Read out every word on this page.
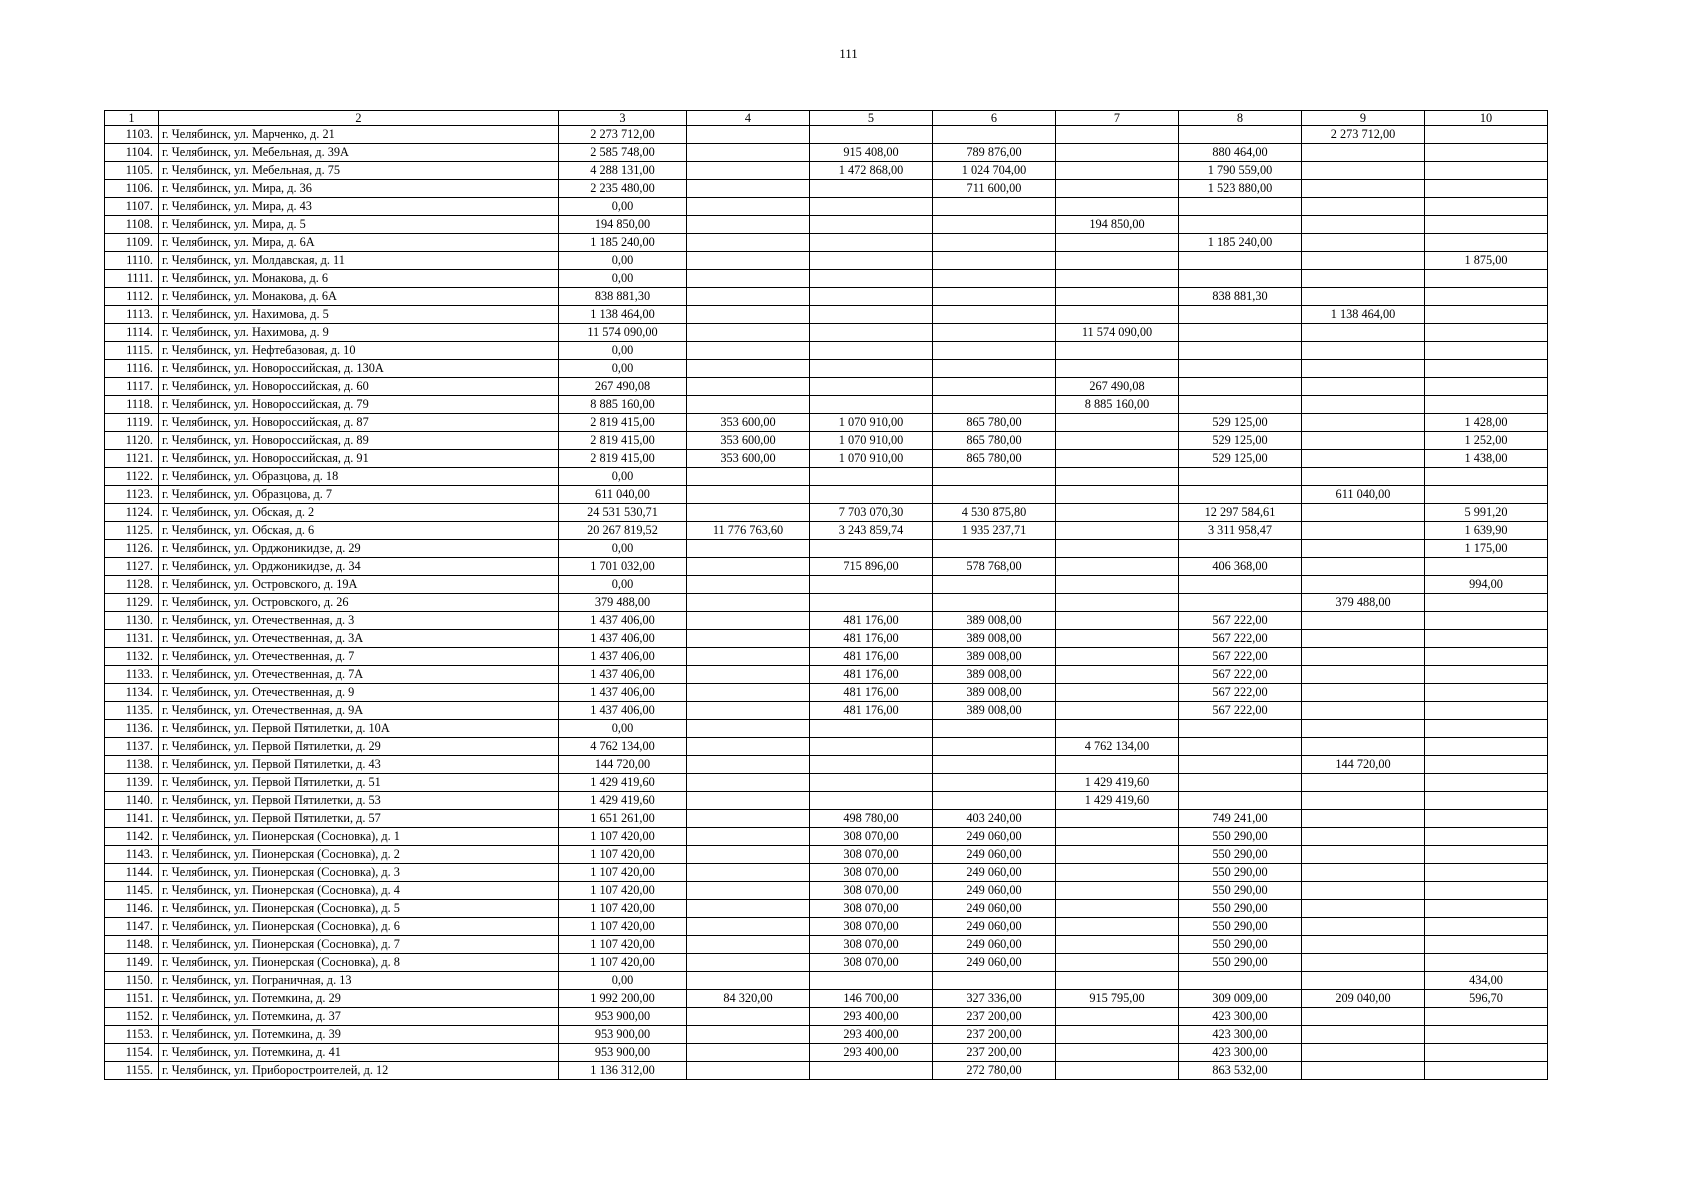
111
1	2	3	4	5	6	7	8	9	10
1103.	г. Челябинск, ул. Марченко, д. 21	2 273 712,00						2 273 712,00	
1104.	г. Челябинск, ул. Мебельная, д. 39А	2 585 748,00		915 408,00	789 876,00		880 464,00		
1105.	г. Челябинск, ул. Мебельная, д. 75	4 288 131,00		1 472 868,00	1 024 704,00		1 790 559,00		
1106.	г. Челябинск, ул. Мира, д. 36	2 235 480,00			711 600,00		1 523 880,00		
1107.	г. Челябинск, ул. Мира, д. 43	0,00							
1108.	г. Челябинск, ул. Мира, д. 5	194 850,00				194 850,00			
1109.	г. Челябинск, ул. Мира, д. 6А	1 185 240,00					1 185 240,00		
1110.	г. Челябинск, ул. Молдавская, д. 11	0,00							1 875,00
1111.	г. Челябинск, ул. Монакова, д. 6	0,00							
1112.	г. Челябинск, ул. Монакова, д. 6А	838 881,30					838 881,30		
1113.	г. Челябинск, ул. Нахимова, д. 5	1 138 464,00						1 138 464,00	
1114.	г. Челябинск, ул. Нахимова, д. 9	11 574 090,00				11 574 090,00			
1115.	г. Челябинск, ул. Нефтебазовая, д. 10	0,00							
1116.	г. Челябинск, ул. Новороссийская, д. 130А	0,00							
1117.	г. Челябинск, ул. Новороссийская, д. 60	267 490,08				267 490,08			
1118.	г. Челябинск, ул. Новороссийская, д. 79	8 885 160,00				8 885 160,00			
1119.	г. Челябинск, ул. Новороссийская, д. 87	2 819 415,00	353 600,00	1 070 910,00	865 780,00		529 125,00		1 428,00
1120.	г. Челябинск, ул. Новороссийская, д. 89	2 819 415,00	353 600,00	1 070 910,00	865 780,00		529 125,00		1 252,00
1121.	г. Челябинск, ул. Новороссийская, д. 91	2 819 415,00	353 600,00	1 070 910,00	865 780,00		529 125,00		1 438,00
1122.	г. Челябинск, ул. Образцова, д. 18	0,00							
1123.	г. Челябинск, ул. Образцова, д. 7	611 040,00						611 040,00	
1124.	г. Челябинск, ул. Обская, д. 2	24 531 530,71		7 703 070,30	4 530 875,80		12 297 584,61		5 991,20
1125.	г. Челябинск, ул. Обская, д. 6	20 267 819,52	11 776 763,60	3 243 859,74	1 935 237,71		3 311 958,47		1 639,90
1126.	г. Челябинск, ул. Орджоникидзе, д. 29	0,00							1 175,00
1127.	г. Челябинск, ул. Орджоникидзе, д. 34	1 701 032,00		715 896,00	578 768,00		406 368,00		
1128.	г. Челябинск, ул. Островского, д. 19А	0,00							994,00
1129.	г. Челябинск, ул. Островского, д. 26	379 488,00						379 488,00	
1130.	г. Челябинск, ул. Отечественная, д. 3	1 437 406,00		481 176,00	389 008,00		567 222,00		
1131.	г. Челябинск, ул. Отечественная, д. 3А	1 437 406,00		481 176,00	389 008,00		567 222,00		
1132.	г. Челябинск, ул. Отечественная, д. 7	1 437 406,00		481 176,00	389 008,00		567 222,00		
1133.	г. Челябинск, ул. Отечественная, д. 7А	1 437 406,00		481 176,00	389 008,00		567 222,00		
1134.	г. Челябинск, ул. Отечественная, д. 9	1 437 406,00		481 176,00	389 008,00		567 222,00		
1135.	г. Челябинск, ул. Отечественная, д. 9А	1 437 406,00		481 176,00	389 008,00		567 222,00		
1136.	г. Челябинск, ул. Первой Пятилетки, д. 10А	0,00							
1137.	г. Челябинск, ул. Первой Пятилетки, д. 29	4 762 134,00				4 762 134,00			
1138.	г. Челябинск, ул. Первой Пятилетки, д. 43	144 720,00						144 720,00	
1139.	г. Челябинск, ул. Первой Пятилетки, д. 51	1 429 419,60				1 429 419,60			
1140.	г. Челябинск, ул. Первой Пятилетки, д. 53	1 429 419,60				1 429 419,60			
1141.	г. Челябинск, ул. Первой Пятилетки, д. 57	1 651 261,00		498 780,00	403 240,00		749 241,00		
1142.	г. Челябинск, ул. Пионерская (Сосновка), д. 1	1 107 420,00		308 070,00	249 060,00		550 290,00		
1143.	г. Челябинск, ул. Пионерская (Сосновка), д. 2	1 107 420,00		308 070,00	249 060,00		550 290,00		
1144.	г. Челябинск, ул. Пионерская (Сосновка), д. 3	1 107 420,00		308 070,00	249 060,00		550 290,00		
1145.	г. Челябинск, ул. Пионерская (Сосновка), д. 4	1 107 420,00		308 070,00	249 060,00		550 290,00		
1146.	г. Челябинск, ул. Пионерская (Сосновка), д. 5	1 107 420,00		308 070,00	249 060,00		550 290,00		
1147.	г. Челябинск, ул. Пионерская (Сосновка), д. 6	1 107 420,00		308 070,00	249 060,00		550 290,00		
1148.	г. Челябинск, ул. Пионерская (Сосновка), д. 7	1 107 420,00		308 070,00	249 060,00		550 290,00		
1149.	г. Челябинск, ул. Пионерская (Сосновка), д. 8	1 107 420,00		308 070,00	249 060,00		550 290,00		
1150.	г. Челябинск, ул. Пограничная, д. 13	0,00							434,00
1151.	г. Челябинск, ул. Потемкина, д. 29	1 992 200,00	84 320,00	146 700,00	327 336,00	915 795,00	309 009,00	209 040,00	596,70
1152.	г. Челябинск, ул. Потемкина, д. 37	953 900,00		293 400,00	237 200,00		423 300,00		
1153.	г. Челябинск, ул. Потемкина, д. 39	953 900,00		293 400,00	237 200,00		423 300,00		
1154.	г. Челябинск, ул. Потемкина, д. 41	953 900,00		293 400,00	237 200,00		423 300,00		
1155.	г. Челябинск, ул. Приборостроителей, д. 12	1 136 312,00			272 780,00		863 532,00		
